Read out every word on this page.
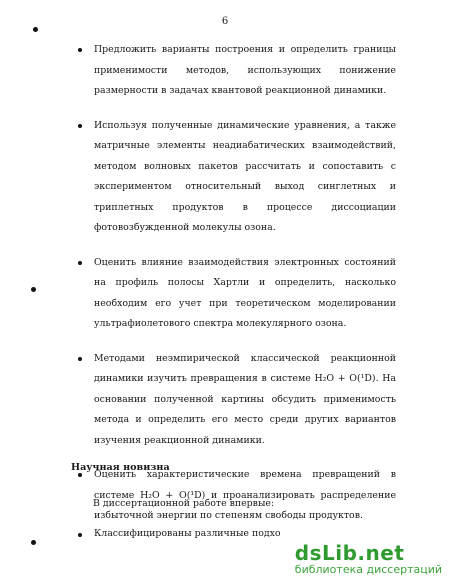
6
Предложить варианты построения и определить границы применимости методов, использующих понижение размерности в задачах квантовой реакционной динамики.
Используя полученные динамические уравнения, а также матричные элементы неадиабатических взаимодействий, методом волновых пакетов рассчитать и сопоставить с экспериментом относительный выход синглетных и триплетных продуктов в процессе диссоциации фотовозбужденной молекулы озона.
Оценить влияние взаимодействия электронных состояний на профиль полосы Хартли и определить, насколько необходим его учет при теоретическом моделировании ультрафиолетового спектра молекулярного озона.
Методами неэмпирической классической реакционной динамики изучить превращения в системе H₂O + O(¹D). На основании полученной картины обсудить применимость метода и определить его место среди других вариантов изучения реакционной динамики.
Оценить характеристические времена превращений в системе H₂O + O(¹D) и проанализировать распределение избыточной энергии по степеням свободы продуктов.
Научная новизна
В диссертационной работе впервые:
Классифицированы различные подхо
dsLib.net
библиотека диссертаций
